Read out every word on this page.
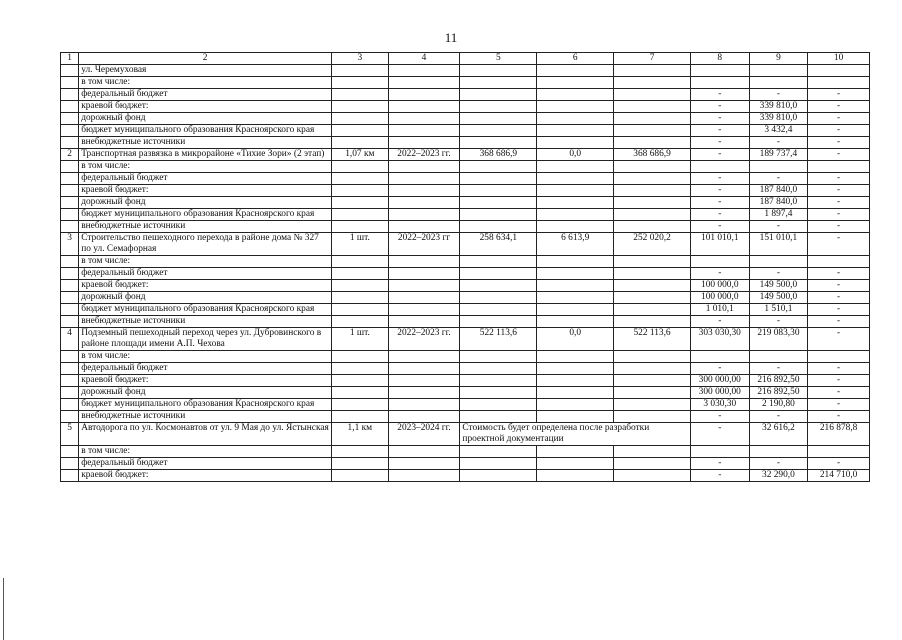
11
1	2	3	4	5	6	7	8	9	10
	ул. Черемуховая								
	в том числе:								
	федеральный бюджет						-	-	-
	краевой бюджет:						-	339 810,0	-
	дорожный фонд						-	339 810,0	-
	бюджет муниципального образования Красноярского края						-	3 432,4	-
	внебюджетные источники						-	-	-
2	Транспортная развязка в микрорайоне «Тихие Зори» (2 этап)	1,07 км	2022–2023 гг.	368 686,9	0,0	368 686,9	-	189 737,4	-
	в том числе:								
	федеральный бюджет						-	-	-
	краевой бюджет:						-	187 840,0	-
	дорожный фонд						-	187 840,0	-
	бюджет муниципального образования Красноярского края						-	1 897,4	-
	внебюджетные источники						-	-	-
3	Строительство пешеходного перехода в районе дома № 327 по ул. Семафорная	1 шт.	2022–2023 гг	258 634,1	6 613,9	252 020,2	101 010,1	151 010,1	-
	в том числе:								
	федеральный бюджет						-	-	-
	краевой бюджет:						100 000,0	149 500,0	-
	дорожный фонд						100 000,0	149 500,0	-
	бюджет муниципального образования Красноярского края						1 010,1	1 510,1	-
	внебюджетные источники						-	-	-
4	Подземный пешеходный переход через ул. Дубровинского в районе площади имени А.П. Чехова	1 шт.	2022–2023 гг.	522 113,6	0,0	522 113,6	303 030,30	219 083,30	-
	в том числе:								
	федеральный бюджет						-	-	-
	краевой бюджет:						300 000,00	216 892,50	-
	дорожный фонд						300 000,00	216 892,50	-
	бюджет муниципального образования Красноярского края						3 030,30	2 190,80	-
	внебюджетные источники						-	-	-
5	Автодорога по ул. Космонавтов от ул. 9 Мая до ул. Ястынская	1,1 км	2023–2024 гг.	Стоимость будет определена после разработки проектной документации			-	32 616,2	216 878,8
	в том числе:								
	федеральный бюджет						-	-	-
	краевой бюджет:						-	32 290,0	214 710,0
